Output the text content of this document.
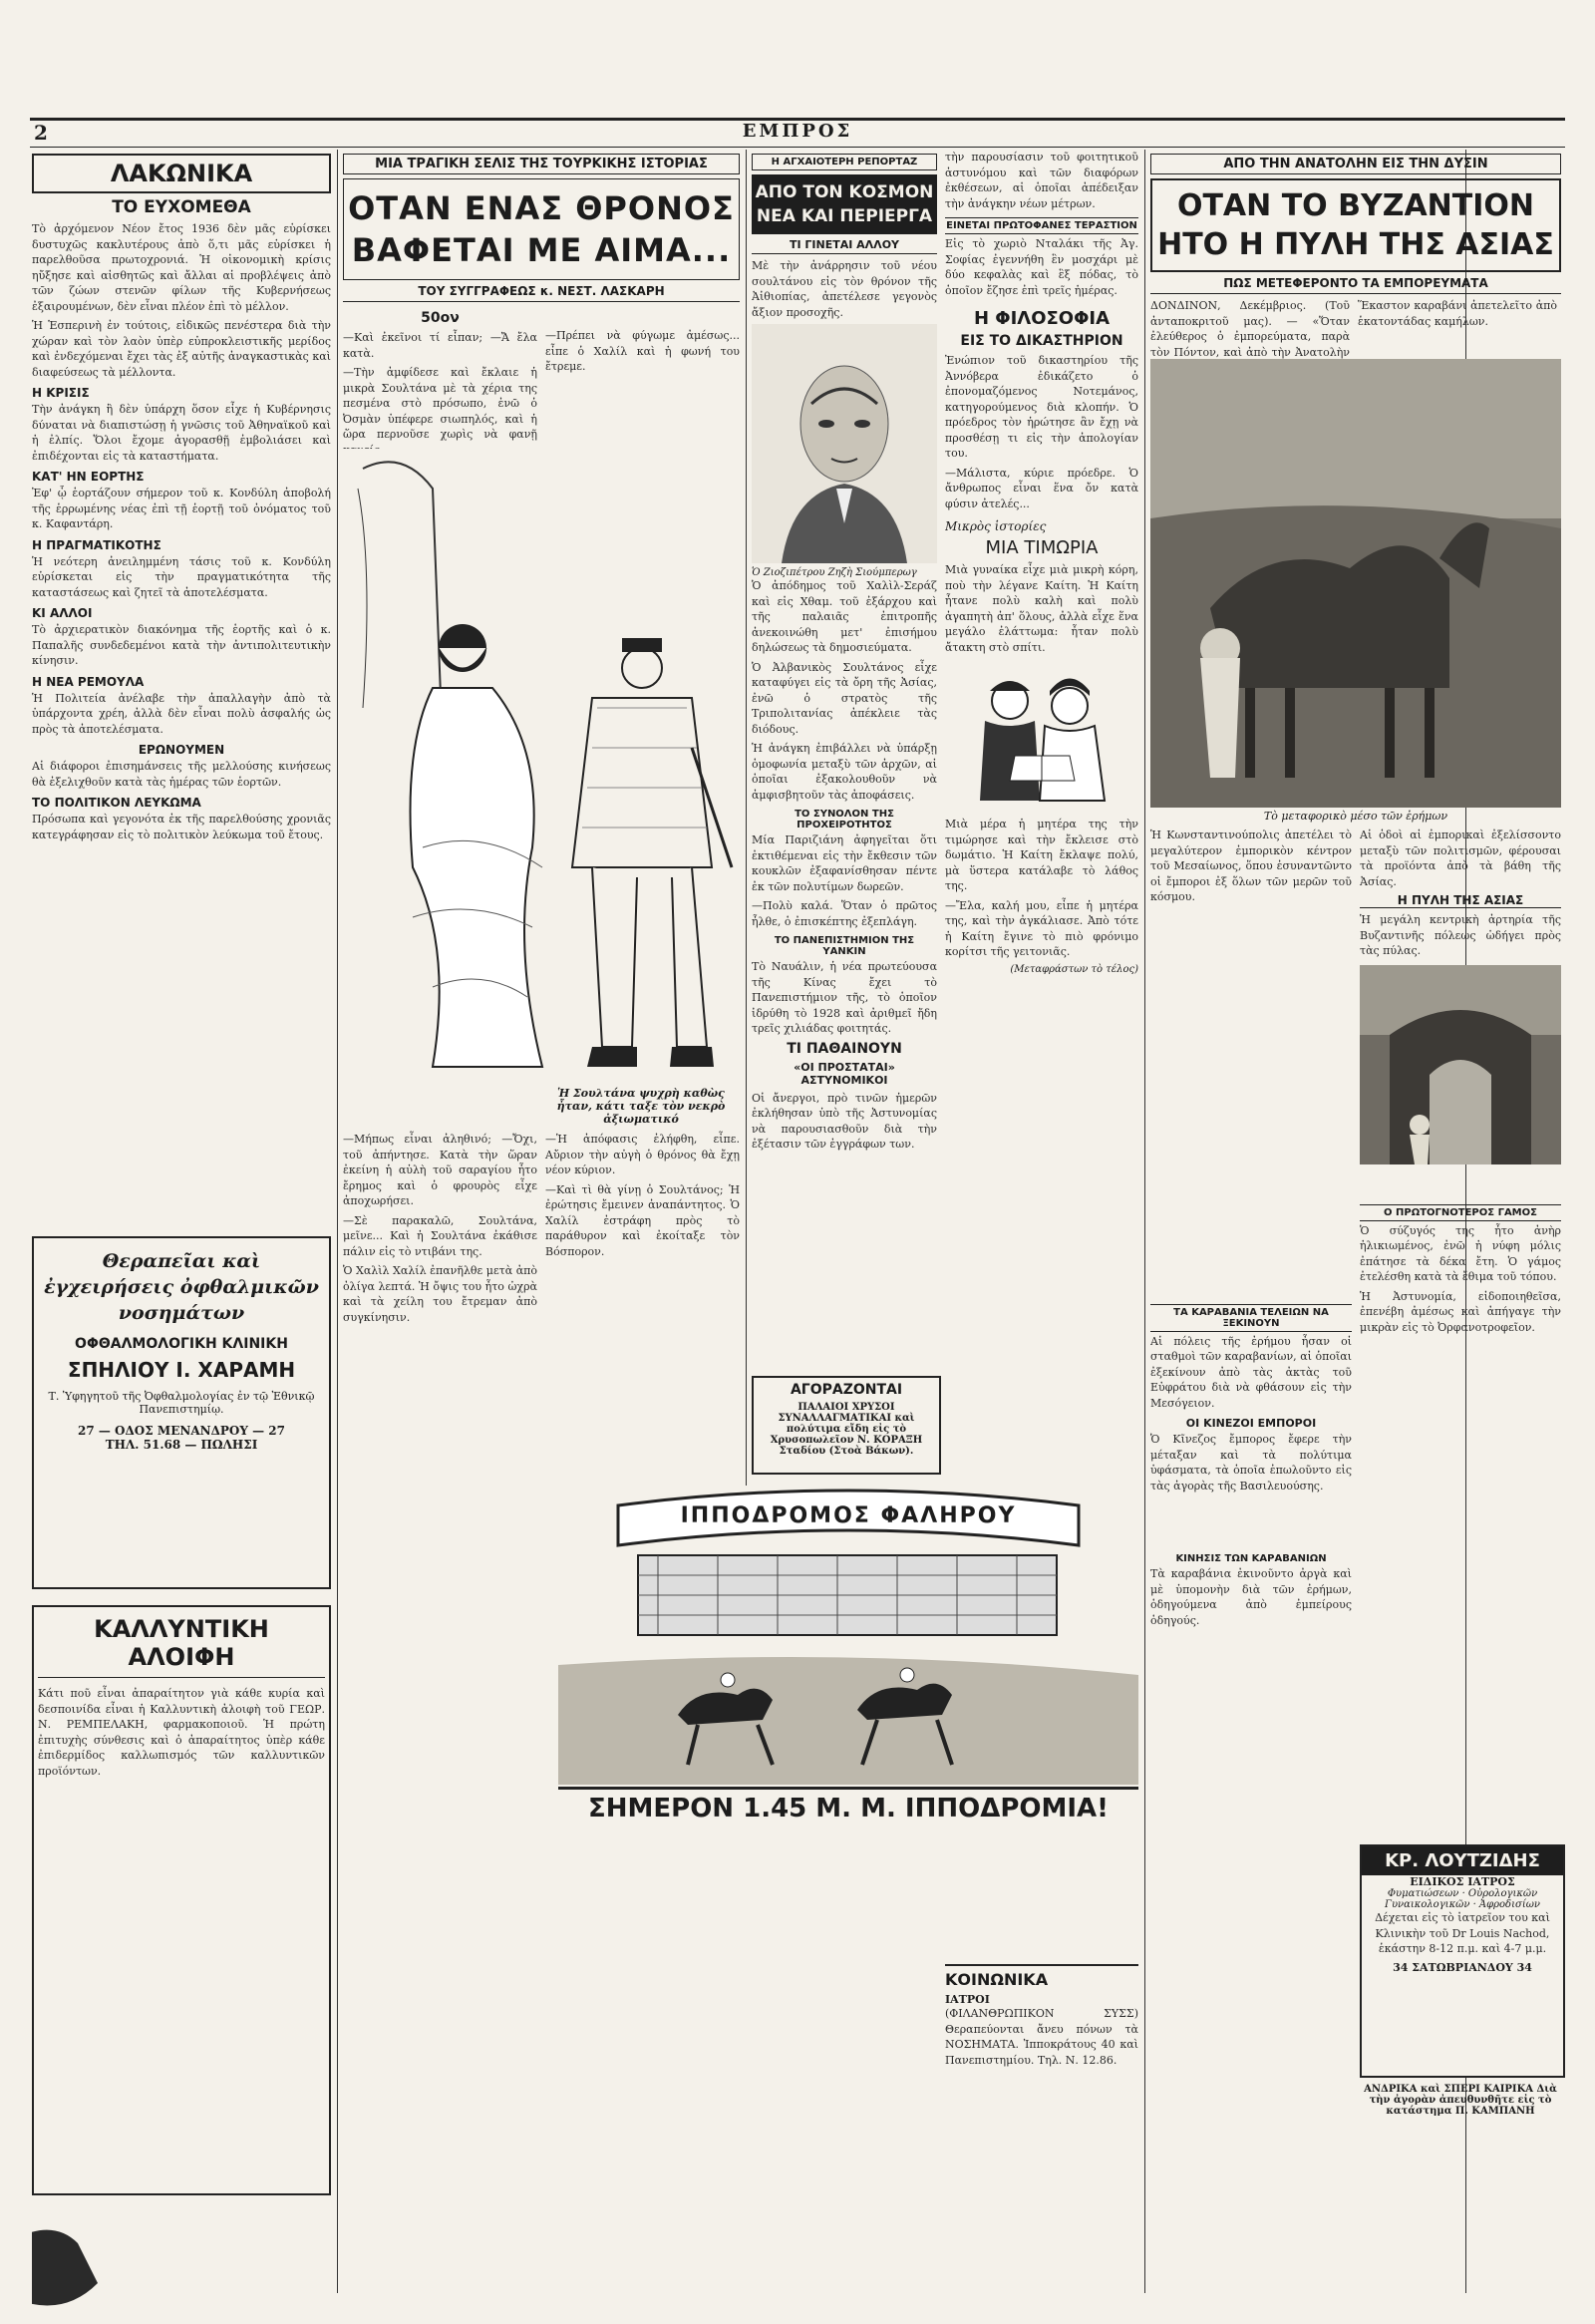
2	ΕΜΠΡΟΣ
ΛΑΚΩΝΙΚΑ
ΤΟ ΕΥΧΟΜΕΘΑ

Τὸ ἀρχόμενον Νέον ἔτος 1936 δὲν μᾶς εὑρίσκει δυστυχῶς κακλυτέρους ἀπὸ ὅ,τι μᾶς εὑρίσκει ἡ παρελθοῦσα πρωτοχρονιά. Ἡ οἰκονομικὴ κρίσις ηὔξησε καὶ αἰσθητῶς καὶ ἄλλαι αἱ προβλέψεις ἀπὸ τῶν ζώων στενῶν φίλων τῆς Κυβερνήσεως ἐξαιρουμένων, δὲν εἶναι πλέον ἐπὶ τὸ μέλλον.

Ἡ Ἑσπερινὴ ἐν τούτοις, εἰδικῶς πενέστερα διὰ τὴν χώραν καὶ τὸν λαὸν ὑπὲρ εὐπροκλειστικῆς μερίδος καὶ ἐνδεχόμεναι ἔχει τὰς ἐξ αὐτῆς ἀναγκαστικὰς καὶ διαφεύσεως τὰ μέλλοντα.

Η ΚΡΙΣΙΣ

Τὴν ἀνάγκη ἢ δὲν ὑπάρχη ὅσον εἶχε ἡ Κυβέρνησις δύναται νὰ διαπιστώσῃ ἡ γνῶσις τοῦ Ἀθηναϊκοῦ καὶ ἡ ἐλπίς. Ὅλοι ἔχομε ἀγορασθῇ ἐμβολιάσει καὶ ἐπιδέχονται εἰς τὰ καταστήματα.

ΚΑΤ' ΗΝ ΕΟΡΤΗΣ

Ἐφ' ᾧ ἑορτάζουν σήμερον τοῦ κ. Κονδύλη ἀποβολή τῆς ἑρρωμένης νέας ἐπὶ τῇ ἑορτῇ τοῦ ὀνόματος τοῦ κ. Καφαντάρη.

Η ΠΡΑΓΜΑΤΙΚΟΤΗΣ

Ἡ νεότερη ἀνειλημμένη τάσις τοῦ κ. Κονδύλη εὑρίσκεται εἰς τὴν πραγματικότητα τῆς καταστάσεως καὶ ζητεῖ τὰ ἀποτελέσματα.

ΚΙ ΑΛΛΟΙ

Τὸ ἀρχιερατικὸν διακόνημα τῆς ἑορτῆς καὶ ὁ κ. Παπαλῆς συνδεδεμένοι κατὰ τὴν ἀντιπολιτευτικὴν κίνησιν.

Η ΝΕΑ ΡΕΜΟΥΛΑ

Ἡ Πολιτεία ἀνέλαβε τὴν ἀπαλλαγὴν ἀπὸ τὰ ὑπάρχοντα χρέη, ἀλλὰ δὲν εἶναι πολὺ ἀσφαλής ὡς πρὸς τὰ ἀποτελέσματα.

ΕΡΩΝΟΥΜΕΝ

Αἱ διάφοροι ἐπισημάνσεις τῆς μελλούσης κινήσεως θὰ ἐξελιχθοῦν κατὰ τὰς ἡμέρας τῶν ἑορτῶν.

ΤΟ ΠΟΛΙΤΙΚΟΝ ΛΕΥΚΩΜΑ

Πρόσωπα καὶ γεγονότα ἐκ τῆς παρελθούσης χρονιᾶς κατεγράφησαν εἰς τὸ πολιτικὸν λεύκωμα τοῦ ἔτους.

Θεραπεῖαι καὶ ἐγχειρήσεις ὀφθαλμικῶν νοσημάτων
ΟΦΘΑΛΜΟΛΟΓΙΚΗ ΚΛΙΝΙΚΗ
ΣΠΗΛΙΟΥ Ι. ΧΑΡΑΜΗ
Τ. Ὑφηγητοῦ τῆς Ὀφθαλμολογίας ἐν τῷ Ἐθνικῷ Πανεπιστημίῳ.
27 — ΟΔΟΣ ΜΕΝΑΝΔΡΟΥ — 27
ΤΗΛ. 51.68 — ΠΩΛΗΣΙ
ΚΑΛΛΥΝΤΙΚΗ ΑΛΟΙΦΗ

Κάτι ποῦ εἶναι ἀπαραίτητον γιὰ κάθε κυρία καὶ δεσποινίδα εἶναι ἡ Καλλυντικὴ ἀλοιφὴ τοῦ ΓΕΩΡ. Ν. ΡΕΜΠΕΛΑΚΗ, φαρμακοποιοῦ. Ἡ πρώτη ἐπιτυχὴς σύνθεσις καὶ ὁ ἀπαραίτητος ὑπὲρ κάθε ἐπιδερμίδος καλλωπισμός τῶν καλλυντικῶν προϊόντων.

ΜΙΑ ΤΡΑΓΙΚΗ ΣΕΛΙΣ ΤΗΣ ΤΟΥΡΚΙΚΗΣ ΙΣΤΟΡΙΑΣ
ΟΤΑΝ ΕΝΑΣ ΘΡΟΝΟΣ
ΒΑΦΕΤΑΙ ΜΕ ΑΙΜΑ...
ΤΟΥ ΣΥΓΓΡΑΦΕΩΣ κ. ΝΕΣΤ. ΛΑΣΚΑΡΗ
50ον

—Καὶ ἐκεῖνοι τί εἶπαν; —Ἄ ἔλα κατὰ.

—Τὴν ἀμφίδεσε καὶ ἔκλαιε ἡ μικρὰ Σουλτάνα μὲ τὰ χέρια της πεσμένα στὸ πρόσωπο, ἐνῶ ὁ Ὀσμὰν ὑπέφερε σιωπηλός, καὶ ἡ ὥρα περνοῦσε χωρὶς νὰ φανῇ

—Πρέπει νὰ φύγωμε ἀμέσως... εἶπε ὁ Χαλίλ καὶ ἡ φωνή του ἔτρεμε.

Ἡ Σουλτάνα ψυχρὴ καθὼς ἦταν, κάτι ταξε τὸν νεκρὸ ἀξιωματικό

—Μήπως εἶναι ἀληθινό; —Ὄχι, τοῦ ἀπήντησε. Κατὰ τὴν ὥραν ἐκείνη ἡ αὐλὴ τοῦ σαραγίου ἦτο ἔρημος καὶ ὁ φρουρὸς εἶχε ἀποχωρήσει.

—Σὲ παρακαλῶ, Σουλτάνα, μεῖνε... Καὶ ἡ Σουλτάνα ἐκάθισε πάλιν εἰς τὸ ντιβάνι της.

Ὁ Χαλὶλ Χαλίλ ἐπανῆλθε μετὰ ἀπὸ ὀλίγα λεπτά. Ἡ ὄψις του ἦτο ὠχρὰ καὶ τὰ χείλη του ἔτρεμαν ἀπὸ συγκίνησιν.

—Ἡ ἀπόφασις ἐλήφθη, εἶπε. Αὔριον τὴν αὐγὴ ὁ θρόνος θὰ ἔχῃ νέον κύριον.

—Καὶ τὶ θὰ γίνῃ ὁ Σουλτάνος; Ἡ ἐρώτησις ἔμεινεν ἀναπάντητος. Ὁ Χαλίλ ἐστράφη πρὸς τὸ παράθυρον καὶ ἐκοίταξε τὸν Βόσπορον.

Η ΑΓΧΑΙΟΤΕΡΗ ΡΕΠΟΡΤΑΖ
ΑΠΟ ΤΟΝ ΚΟΣΜΟΝ
ΝΕΑ ΚΑΙ ΠΕΡΙΕΡΓΑ
ΤΙ ΓΙΝΕΤΑΙ ΑΛΛΟΥ

Μὲ τὴν ἀνάρρησιν τοῦ νέου σουλτάνου εἰς τὸν θρόνον τῆς Ἀἰθιοπίας, ἀπετέλεσε γεγονὸς ἄξιον προσοχῆς.

Ὁ Ζιοζιπέτρου Ζηζὴ Σιούμπερωγ

Ὁ ἀπόδημος τοῦ Χαλὶλ-Σεράζ καὶ εἰς Χθαμ. τοῦ ἐξάρχου καὶ τῆς παλαιᾶς ἐπιτροπῆς ἀνεκοινώθη μετ' ἐπισήμου δηλώσεως τὰ δημοσιεύματα.

Ὁ Ἀλβανικὸς Σουλτάνος εἶχε καταφύγει εἰς τὰ ὄρη τῆς Ἀσίας, ἐνῶ ὁ στρατὸς τῆς Τριπολιτανίας ἀπέκλειε τὰς διόδους.

Ἡ ἀνάγκη ἐπιβάλλει νὰ ὑπάρξῃ ὁμοφωνία μεταξὺ τῶν ἀρχῶν, αἱ ὁποῖαι ἐξακολουθοῦν νὰ ἀμφισβητοῦν τὰς ἀποφάσεις.

ΤΟ ΣΥΝΟΛΟΝ ΤΗΣ ΠΡΟΧΕΙΡΟΤΗΤΟΣ

Μία Παριζιάνη ἀφηγεῖται ὅτι ἐκτιθέμεναι εἰς τὴν ἔκθεσιν τῶν κουκλῶν ἐξαφανίσθησαν πέντε ἐκ τῶν πολυτίμων δωρεῶν.

—Πολὺ καλά. Ὅταν ὁ πρῶτος ἦλθε, ὁ ἐπισκέπτης ἐξεπλάγη.

ΤΟ ΠΑΝΕΠΙΣΤΗΜΙΟΝ ΤΗΣ ΥΑΝΚΙΝ

Τὸ Ναυάλιν, ἡ νέα πρωτεύουσα τῆς Κίνας ἔχει τὸ Πανεπιστήμιον τῆς, τὸ ὁποῖον ἰδρύθη τὸ 1928 καὶ ἀριθμεῖ ἤδη τρεῖς χιλιάδας φοιτητάς.

ΤΙ ΠΑΘΑΙΝΟΥΝ
«ΟΙ ΠΡΟΣΤΑΤΑΙ» ΑΣΤΥΝΟΜΙΚΟΙ

Οἱ ἄνεργοι, πρὸ τινῶν ἡμερῶν ἐκλήθησαν ὑπὸ τῆς Ἀστυνομίας νὰ παρουσιασθοῦν διὰ τὴν ἐξέτασιν τῶν ἐγγράφων των.

ΑΓΟΡΑΖΟΝΤΑΙ
ΠΑΛΑΙΟΙ ΧΡΥΣΟΙ ΣΥΝΑΛΛΑΓΜΑΤΙΚΑΙ καὶ πολύτιμα εἴδη εἰς τὸ Χρυσοπωλεῖον Ν. ΚΟΡΑΞΗ Σταδίου (Στοὰ Βάκων).

τὴν παρουσίασιν τοῦ φοιτητικοῦ ἀστυνόμου καὶ τῶν διαφόρων ἐκθέσεων, αἱ ὁποῖαι ἀπέδειξαν τὴν ἀνάγκην νέων μέτρων.

ΕΙΝΕΤΑΙ ΠΡΩΤΟΦΑΝΕΣ ΤΕΡΑΣΤΙΟΝ

Εἰς τὸ χωριὸ Νταλάκι τῆς Ἀγ. Σοφίας ἐγεννήθη ἓν μοσχάρι μὲ δύο κεφαλὰς καὶ ἓξ πόδας, τὸ ὁποῖον ἔζησε ἐπὶ τρεῖς ἡμέρας.

Η ΦΙΛΟΣΟΦΙΑ
ΕΙΣ ΤΟ ΔΙΚΑΣΤΗΡΙΟΝ

Ἐνώπιον τοῦ δικαστηρίου τῆς Ἀννόβερα ἐδικάζετο ὁ ἐπονομαζόμενος Νοτεμάνος, κατηγορούμενος διὰ κλοπήν. Ὁ πρόεδρος τὸν ἠρώτησε ἂν ἔχῃ νὰ προσθέσῃ τι εἰς τὴν ἀπολογίαν του.

—Μάλιστα, κύριε πρόεδρε. Ὁ ἄνθρωπος εἶναι ἕνα ὄν κατὰ φύσιν ἀτελές...

Μικρὸς ἱστορίες
ΜΙΑ ΤΙΜΩΡΙΑ

Μιὰ γυναίκα εἶχε μιὰ μικρὴ κόρη, ποὺ τὴν λέγανε Καίτη. Ἡ Καίτη ἦτανε πολὺ καλὴ καὶ πολὺ ἀγαπητὴ ἀπ' ὅλους, ἀλλὰ εἶχε ἕνα μεγάλο ἐλάττωμα: ἦταν πολὺ ἄτακτη στὸ σπίτι.

Μιὰ μέρα ἡ μητέρα της τὴν τιμώρησε καὶ τὴν ἔκλεισε στὸ δωμάτιο. Ἡ Καίτη ἔκλαψε πολύ, μὰ ὕστερα κατάλαβε τὸ λάθος της.

—Ἔλα, καλή μου, εἶπε ἡ μητέρα της, καὶ τὴν ἀγκάλιασε. Ἀπὸ τότε ἡ Καίτη ἔγινε τὸ πιὸ φρόνιμο κορίτσι τῆς γειτονιᾶς.

(Μεταφράστων τὸ τέλος)
ΚΟΙΝΩΝΙΚΑ
ΙΑΤΡΟΙ

(ΦΙΛΑΝΘΡΩΠΙΚΟΝ ΣΥΣΣ) Θεραπεύονται ἄνευ πόνων τὰ ΝΟΣΗΜΑΤΑ. Ἱπποκράτους 40 καὶ Πανεπιστημίου. Τηλ. Ν. 12.86.

ΑΠΟ ΤΗΝ ΑΝΑΤΟΛΗΝ ΕΙΣ ΤΗΝ ΔΥΣΙΝ
ΟΤΑΝ ΤΟ ΒΥΖΑΝΤΙΟΝ
ΗΤΟ Η ΠΥΛΗ ΤΗΣ ΑΣΙΑΣ
ΠΩΣ ΜΕΤΕΦΕΡΟΝΤΟ ΤΑ ΕΜΠΟΡΕΥΜΑΤΑ

ΔΟΝΔΙΝΟΝ, Δεκέμβριος. (Τοῦ ἀνταποκριτοῦ μας). — «Ὅταν ἐλεύθερος ὁ ἐμπορεύματα, παρὰ τὸν Πόντον, καὶ ἀπὸ τὴν Ἀνατολὴν

Ἕκαστον καραβάνι ἀπετελεῖτο ἀπὸ ἑκατοντάδας καμήλων.

Τὸ μεταφορικὸ μέσο τῶν ἐρήμων

Ἡ Κωνσταντινούπολις ἀπετέλει τὸ μεγαλύτερον ἐμπορικὸν κέντρον τοῦ Μεσαίωνος, ὅπου ἐσυναντῶντο οἱ ἔμποροι ἐξ ὅλων τῶν μερῶν τοῦ κόσμου.

ΤΑ ΚΑΡΑΒΑΝΙΑ ΤΕΛΕΙΩΝ ΝΑ ΞΕΚΙΝΟΥΝ

Αἱ πόλεις τῆς ἐρήμου ἦσαν οἱ σταθμοὶ τῶν καραβανίων, αἱ ὁποῖαι ἐξεκίνουν ἀπὸ τὰς ἀκτὰς τοῦ Εὐφράτου διὰ νὰ φθάσουν εἰς τὴν Μεσόγειον.

ΟΙ ΚΙΝΕΖΟΙ ΕΜΠΟΡΟΙ

Ὁ Κῖνεζος ἔμπορος ἔφερε τὴν μέταξαν καὶ τὰ πολύτιμα ὑφάσματα, τὰ ὁποῖα ἐπωλοῦντο εἰς τὰς ἀγορὰς τῆς Βασιλευούσης.

ΚΙΝΗΣΙΣ ΤΩΝ ΚΑΡΑΒΑΝΙΩΝ

Τὰ καραβάνια ἐκινοῦντο ἀργὰ καὶ μὲ ὑπομονὴν διὰ τῶν ἐρήμων, ὁδηγούμενα ἀπὸ ἐμπείρους ὁδηγούς.

Αἱ ὁδοὶ αἱ ἐμπορικαὶ ἐξελίσσοντο μεταξὺ τῶν πολιτισμῶν, φέρουσαι τὰ προϊόντα ἀπὸ τὰ βάθη τῆς Ἀσίας.

Η ΠΥΛΗ ΤΗΣ ΑΣΙΑΣ

Ἡ μεγάλη κεντρικὴ ἀρτηρία τῆς Βυζαντινῆς πόλεως ὡδήγει πρὸς τὰς πύλας.

Ο ΠΡΩΤΟΓΝΟΤΕΡΟΣ ΓΑΜΟΣ

Ὁ σύζυγός της ἦτο ἀνὴρ ἡλικιωμένος, ἐνῶ ἡ νύφη μόλις ἐπάτησε τὰ δέκα ἔτη. Ὁ γάμος ἐτελέσθη κατὰ τὰ ἔθιμα τοῦ τόπου.

Ἡ Ἀστυνομία, εἰδοποιηθεῖσα, ἐπενέβη ἀμέσως καὶ ἀπήγαγε τὴν μικρὰν εἰς τὸ Ὀρφανοτροφεῖον.

ΚΡ. ΛΟΥΤΖΙΔΗΣ
ΕΙΔΙΚΟΣ ΙΑΤΡΟΣ
Φυματιώσεων · Οὐρολογικῶν
Γυναικολογικῶν · Ἀφροδισίων

Δέχεται εἰς τὸ ἰατρεῖον του καὶ Κλινικὴν τοῦ Dr Louis Nachod, ἑκάστην 8-12 π.μ. καὶ 4-7 μ.μ.

34 ΣΑΤΩΒΡΙΑΝΔΟΥ 34
ΑΝΔΡΙΚΑ καὶ ΣΠΕΡΙ ΚΑΙΡΙΚΑ Διὰ τὴν ἀγορὰν ἀπευθυνθῆτε εἰς τὸ κατάστημα Π. ΚΑΜΠΑΝΗ
ΙΠΠΟΔΡΟΜΟΣ ΦΑΛΗΡΟΥ
ΣΗΜΕΡΟΝ 1.45 Μ. Μ. ΙΠΠΟΔΡΟΜΙΑ!
